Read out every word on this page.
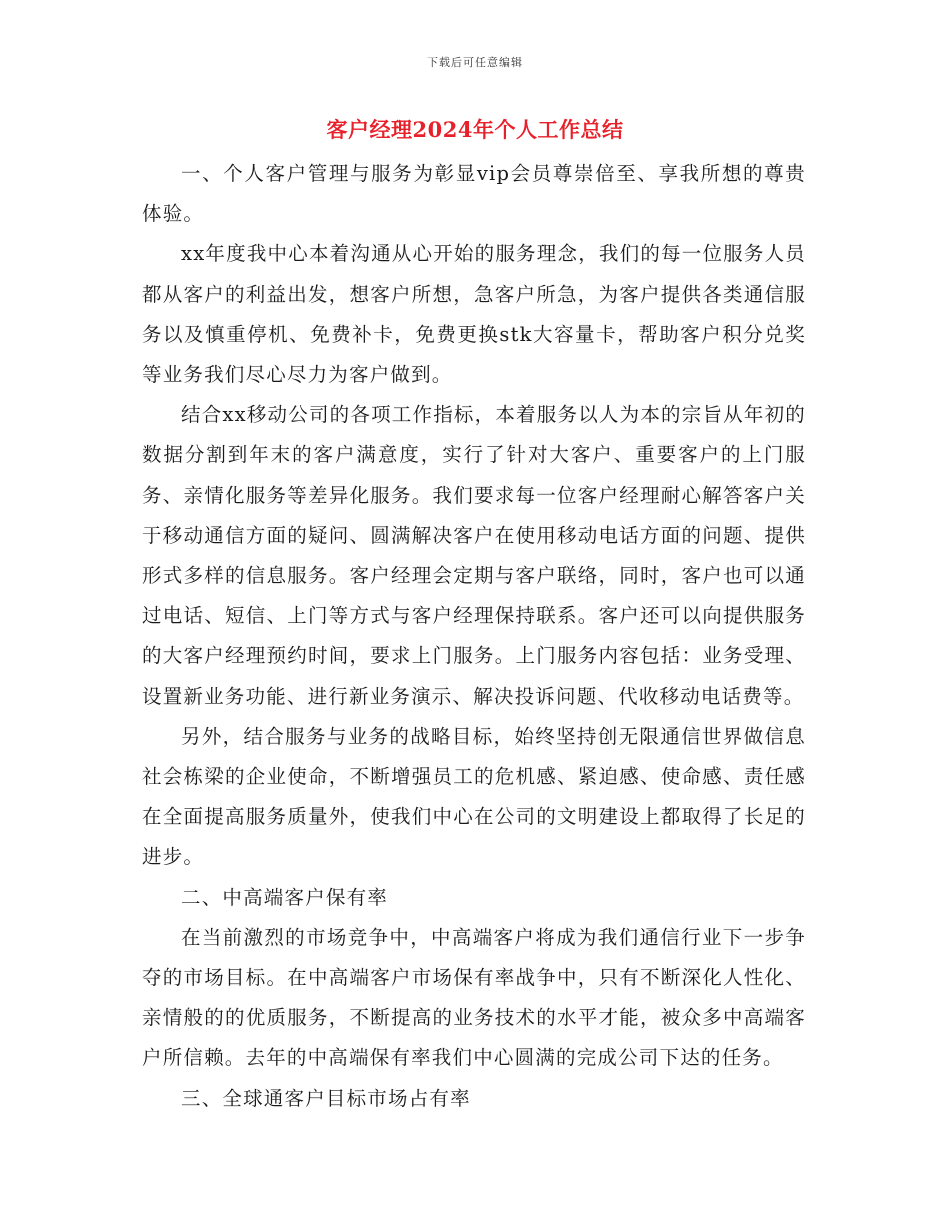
下载后可任意编辑
客户经理2024年个人工作总结

一、个人客户管理与服务为彰显vip会员尊崇倍至、享我所想的尊贵体验。

xx年度我中心本着沟通从心开始的服务理念，我们的每一位服务人员都从客户的利益出发，想客户所想，急客户所急，为客户提供各类通信服务以及慎重停机、免费补卡，免费更换stk大容量卡，帮助客户积分兑奖等业务我们尽心尽力为客户做到。

结合xx移动公司的各项工作指标，本着服务以人为本的宗旨从年初的数据分割到年末的客户满意度，实行了针对大客户、重要客户的上门服务、亲情化服务等差异化服务。我们要求每一位客户经理耐心解答客户关于移动通信方面的疑问、圆满解决客户在使用移动电话方面的问题、提供形式多样的信息服务。客户经理会定期与客户联络，同时，客户也可以通过电话、短信、上门等方式与客户经理保持联系。客户还可以向提供服务的大客户经理预约时间，要求上门服务。上门服务内容包括：业务受理、设置新业务功能、进行新业务演示、解决投诉问题、代收移动电话费等。

另外，结合服务与业务的战略目标，始终坚持创无限通信世界做信息社会栋梁的企业使命，不断增强员工的危机感、紧迫感、使命感、责任感在全面提高服务质量外，使我们中心在公司的文明建设上都取得了长足的进步。

二、中高端客户保有率

在当前激烈的市场竞争中，中高端客户将成为我们通信行业下一步争夺的市场目标。在中高端客户市场保有率战争中，只有不断深化人性化、亲情般的的优质服务，不断提高的业务技术的水平才能，被众多中高端客户所信赖。去年的中高端保有率我们中心圆满的完成公司下达的任务。

三、全球通客户目标市场占有率
